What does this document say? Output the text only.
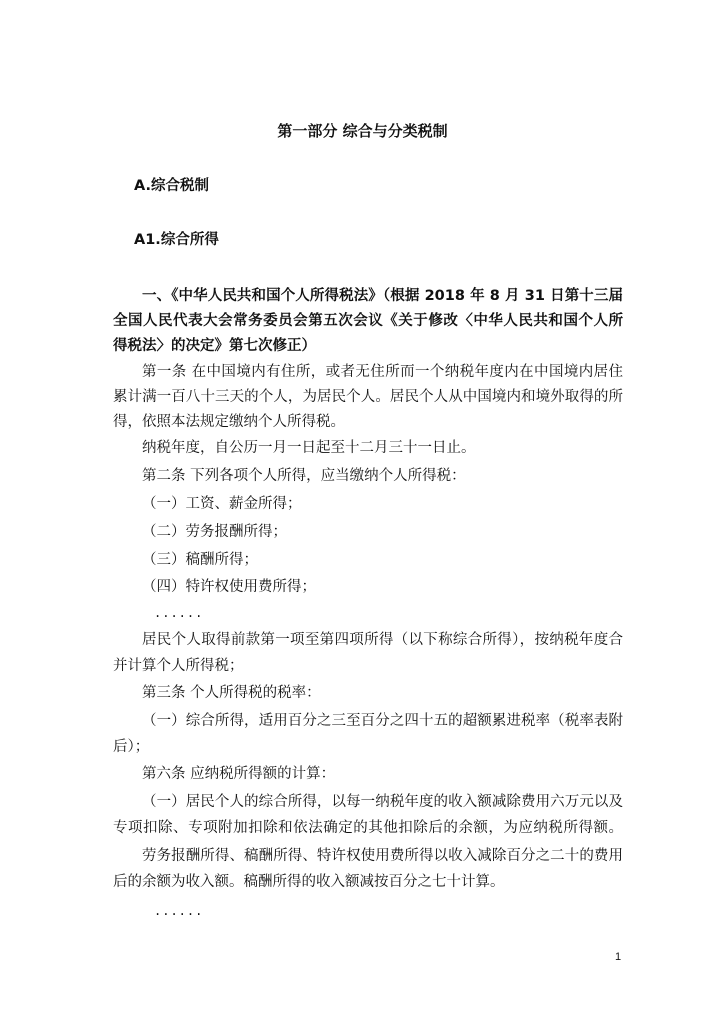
第一部分 综合与分类税制
A.综合税制
A1.综合所得
一、《中华人民共和国个人所得税法》（根据 2018 年 8 月 31 日第十三届
全国人民代表大会常务委员会第五次会议《关于修改〈中华人民共和国个人所
得税法〉的决定》第七次修正）
第一条 在中国境内有住所，或者无住所而一个纳税年度内在中国境内居住
累计满一百八十三天的个人，为居民个人。居民个人从中国境内和境外取得的所
得，依照本法规定缴纳个人所得税。
纳税年度，自公历一月一日起至十二月三十一日止。
第二条 下列各项个人所得，应当缴纳个人所得税：
（一）工资、薪金所得；
（二）劳务报酬所得；
（三）稿酬所得；
（四）特许权使用费所得；
......
居民个人取得前款第一项至第四项所得（以下称综合所得），按纳税年度合
并计算个人所得税；
第三条 个人所得税的税率：
（一）综合所得，适用百分之三至百分之四十五的超额累进税率（税率表附
后）；
第六条 应纳税所得额的计算：
（一）居民个人的综合所得，以每一纳税年度的收入额减除费用六万元以及
专项扣除、专项附加扣除和依法确定的其他扣除后的余额，为应纳税所得额。
劳务报酬所得、稿酬所得、特许权使用费所得以收入减除百分之二十的费用
后的余额为收入额。稿酬所得的收入额减按百分之七十计算。
......
1
